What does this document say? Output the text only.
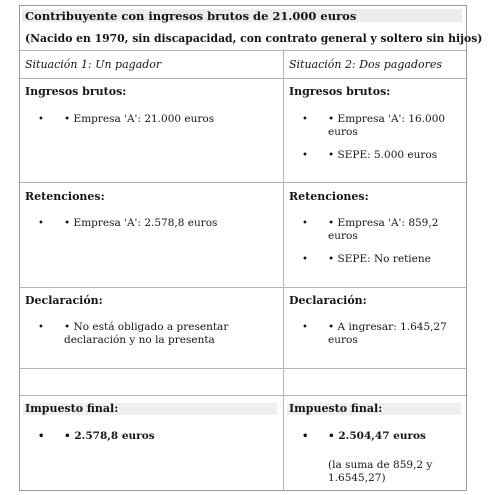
Contribuyente con ingresos brutos de 21.000 euros
(Nacido en 1970, sin discapacidad, con contrato general y soltero sin hijos)
Situación 1: Un pagador	Situación 2: Dos pagadores
Ingresos brutos:
• • Empresa 'A': 21.000 euros
Ingresos brutos:
• • Empresa 'A': 16.000 euros
• • SEPE: 5.000 euros
Retenciones:
• • Empresa 'A': 2.578,8 euros
Retenciones:
• • Empresa 'A': 859,2 euros
• • SEPE: No retiene
Declaración:
• • No está obligado a presentar declaración y no la presenta
Declaración:
• • A ingresar: 1.645,27 euros
Impuesto final:
• • 2.578,8 euros
Impuesto final:
• • 2.504,47 euros
(la suma de 859,2 y 1.6545,27)
